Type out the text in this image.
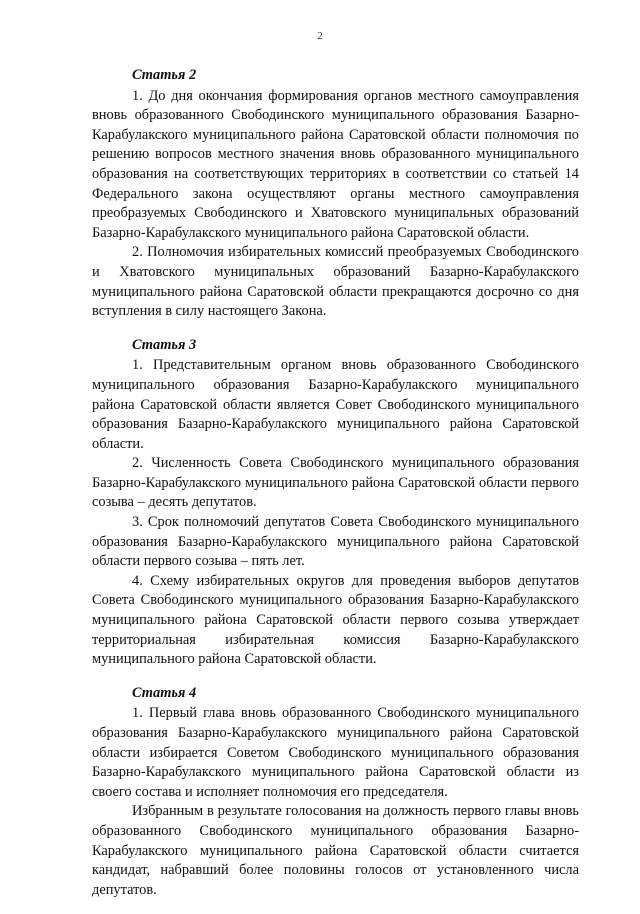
2
Статья 2

1. До дня окончания формирования органов местного самоуправления вновь образованного Свободинского муниципального образования Базарно-Карабулакского муниципального района Саратовской области полномочия по решению вопросов местного значения вновь образованного муниципального образования на соответствующих территориях в соответствии со статьей 14 Федерального закона осуществляют органы местного самоуправления преобразуемых Свободинского и Хватовского муниципальных образований Базарно-Карабулакского муниципального района Саратовской области.

2. Полномочия избирательных комиссий преобразуемых Свободинского и Хватовского муниципальных образований Базарно-Карабулакского муниципального района Саратовской области прекращаются досрочно со дня вступления в силу настоящего Закона.

Статья 3

1. Представительным органом вновь образованного Свободинского муниципального образования Базарно-Карабулакского муниципального района Саратовской области является Совет Свободинского муниципального образования Базарно-Карабулакского муниципального района Саратовской области.

2. Численность Совета Свободинского муниципального образования Базарно-Карабулакского муниципального района Саратовской области первого созыва – десять депутатов.

3. Срок полномочий депутатов Совета Свободинского муниципального образования Базарно-Карабулакского муниципального района Саратовской области первого созыва – пять лет.

4. Схему избирательных округов для проведения выборов депутатов Совета Свободинского муниципального образования Базарно-Карабулакского муниципального района Саратовской области первого созыва утверждает территориальная избирательная комиссия Базарно-Карабулакского муниципального района Саратовской области.

Статья 4

1. Первый глава вновь образованного Свободинского муниципального образования Базарно-Карабулакского муниципального района Саратовской области избирается Советом Свободинского муниципального образования Базарно-Карабулакского муниципального района Саратовской области из своего состава и исполняет полномочия его председателя.

Избранным в результате голосования на должность первого главы вновь образованного Свободинского муниципального образования Базарно-Карабулакского муниципального района Саратовской области считается кандидат, набравший более половины голосов от установленного числа депутатов.
